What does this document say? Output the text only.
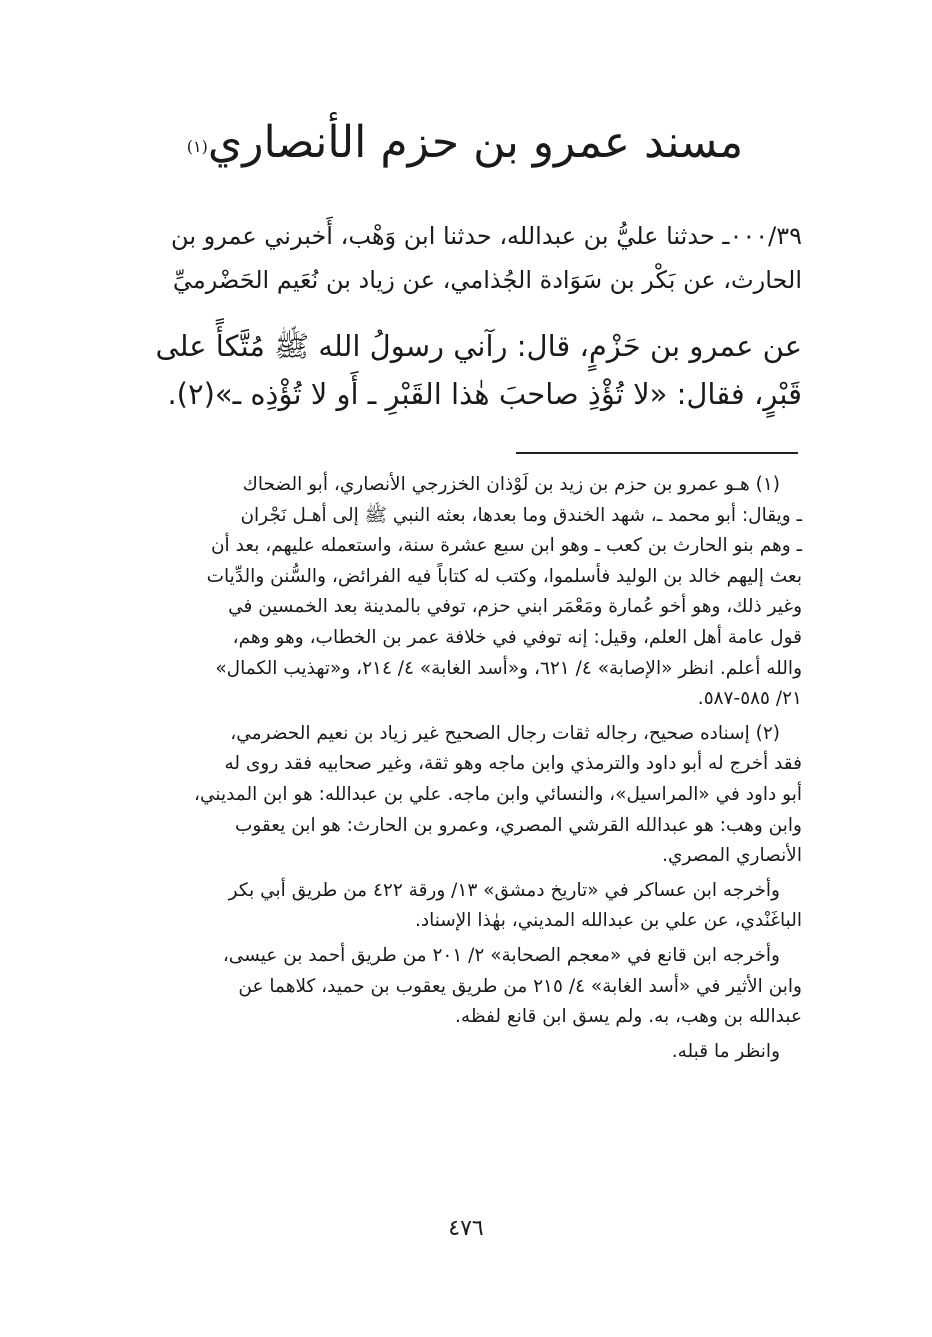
مسند عمرو بن حزم الأنصاري$^{(١)}$
٠٠٠/٣٩ـ حدثنا عليُّ بن عبدالله، حدثنا ابن وَهْب، أَخبرني عمرو بن
الحارث، عن بَكْر بن سَوَادة الجُذامي، عن زياد بن نُعَيم الحَضْرميِّ
عن عمرو بن حَزْمٍ، قال: رآني رسولُ الله ﷺ مُتَّكأً على
قَبْرٍ، فقال: «لا تُؤْذِ صاحبَ هٰذا القَبْرِ ـ أَو لا تُؤْذِه ـ»(٢).
(١) هـو عمرو بن حزم بن زيد بن لَوْذان الخزرجي الأنصاري، أبو الضحاك
ـ ويقال: أبو محمد ـ، شهد الخندق وما بعدها، بعثه النبي ﷺ إلى أهـل نَجْران
ـ وهم بنو الحارث بن كعب ـ وهو ابن سبع عشرة سنة، واستعمله عليهم، بعد أن
بعث إليهم خالد بن الوليد فأسلموا، وكتب له كتاباً فيه الفرائض، والسُّنن والدِّيات
وغير ذلك، وهو أخو عُمارة ومَعْمَر ابني حزم، توفي بالمدينة بعد الخمسين في
قول عامة أهل العلم، وقيل: إنه توفي في خلافة عمر بن الخطاب، وهو وهم،
والله أعلم. انظر «الإصابة» ٤/ ٦٢١، و«أسد الغابة» ٤/ ٢١٤، و«تهذيب الكمال»
٢١/ ٥٨٥-٥٨٧.
(٢) إسناده صحيح، رجاله ثقات رجال الصحيح غير زياد بن نعيم الحضرمي،
فقد أخرج له أبو داود والترمذي وابن ماجه وهو ثقة، وغير صحابيه فقد روى له
أبو داود في «المراسيل»، والنسائي وابن ماجه. علي بن عبدالله: هو ابن المديني،
وابن وهب: هو عبدالله القرشي المصري، وعمرو بن الحارث: هو ابن يعقوب
الأنصاري المصري.
وأخرجه ابن عساكر في «تاريخ دمشق» ١٣/ ورقة ٤٢٢ من طريق أبي بكر
الباغَنْدي، عن علي بن عبدالله المديني، بهٰذا الإسناد.
وأخرجه ابن قانع في «معجم الصحابة» ٢/ ٢٠١ من طريق أحمد بن عيسى،
وابن الأثير في «أسد الغابة» ٤/ ٢١٥ من طريق يعقوب بن حميد، كلاهما عن
عبدالله بن وهب، به. ولم يسق ابن قانع لفظه.
وانظر ما قبله.
٤٧٦
